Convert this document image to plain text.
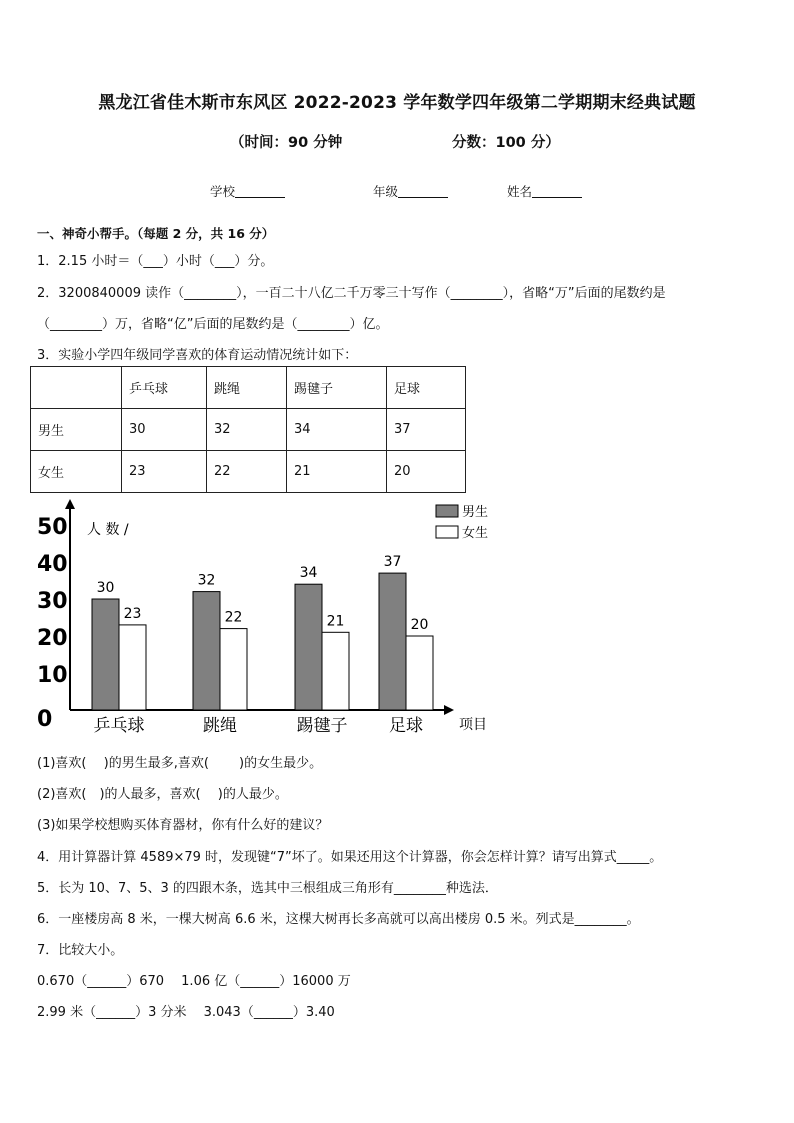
黑龙江省佳木斯市东风区 2022-2023 学年数学四年级第二学期期末经典试题
（时间：90 分钟	分数：100 分）
学校	年级	姓名
一、神奇小帮手。（每题 2 分，共 16 分）
1．2.15 小时＝（___）小时（___）分。
2．3200840009 读作（________），一百二十八亿二千万零三十写作（________），省略“万”后面的尾数约是
（________）万，省略“亿”后面的尾数约是（________）亿。
3．实验小学四年级同学喜欢的体育运动情况统计如下：
	乒乓球	跳绳	踢毽子	足球
男生	30	32	34	37
女生	23	22	21	20
0
10
20
30
40
50 人 数 /
项目
30
23
乒乓球
32
22
跳绳
34
21
踢毽子
37
20
足球
男生
女生
(1)喜欢(　 )的男生最多,喜欢(　　 )的女生最少。
(2)喜欢(　)的人最多，喜欢(　 )的人最少。
(3)如果学校想购买体育器材，你有什么好的建议？
4．用计算器计算 4589×79 时，发现键“7”坏了。如果还用这个计算器，你会怎样计算？请写出算式_____。
5．长为 10、7、5、3 的四跟木条，选其中三根组成三角形有________种选法．
6．一座楼房高 8 米，一棵大树高 6.6 米，这棵大树再长多高就可以高出楼房 0.5 米。列式是________。
7．比较大小。
0.670（______）670　 1.06 亿（______）16000 万
2.99 米（______）3 分米　 3.043（______）3.40
